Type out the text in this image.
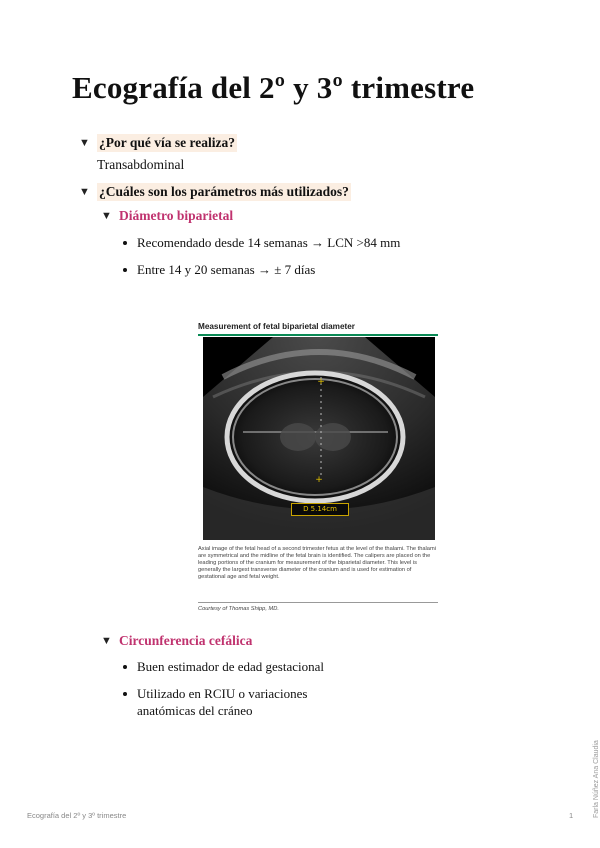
Ecografía del 2º y 3º trimestre
▼ ¿Por qué vía se realiza?
Transabdominal
▼ ¿Cuáles son los parámetros más utilizados?
▼ Diámetro biparietal
Recomendado desde 14 semanas → LCN >84 mm
Entre 14 y 20 semanas → ± 7 días
Measurement of fetal biparietal diameter
+
+
D 5.14cm
Axial image of the fetal head of a second trimester fetus at the level of the thalami. The thalami are symmetrical and the midline of the fetal brain is identified. The calipers are placed on the leading portions of the cranium for measurement of the biparietal diameter. This level is generally the largest transverse diameter of the cranium and is used for estimation of gestational age and fetal weight.
Courtesy of Thomas Shipp, MD.
▼ Circunferencia cefálica
Buen estimador de edad gestacional
Utilizado en RCIU o variaciones anatómicas del cráneo
Ecografía del 2º y 3º trimestre	1	Farla Núñez Ana Claudia
